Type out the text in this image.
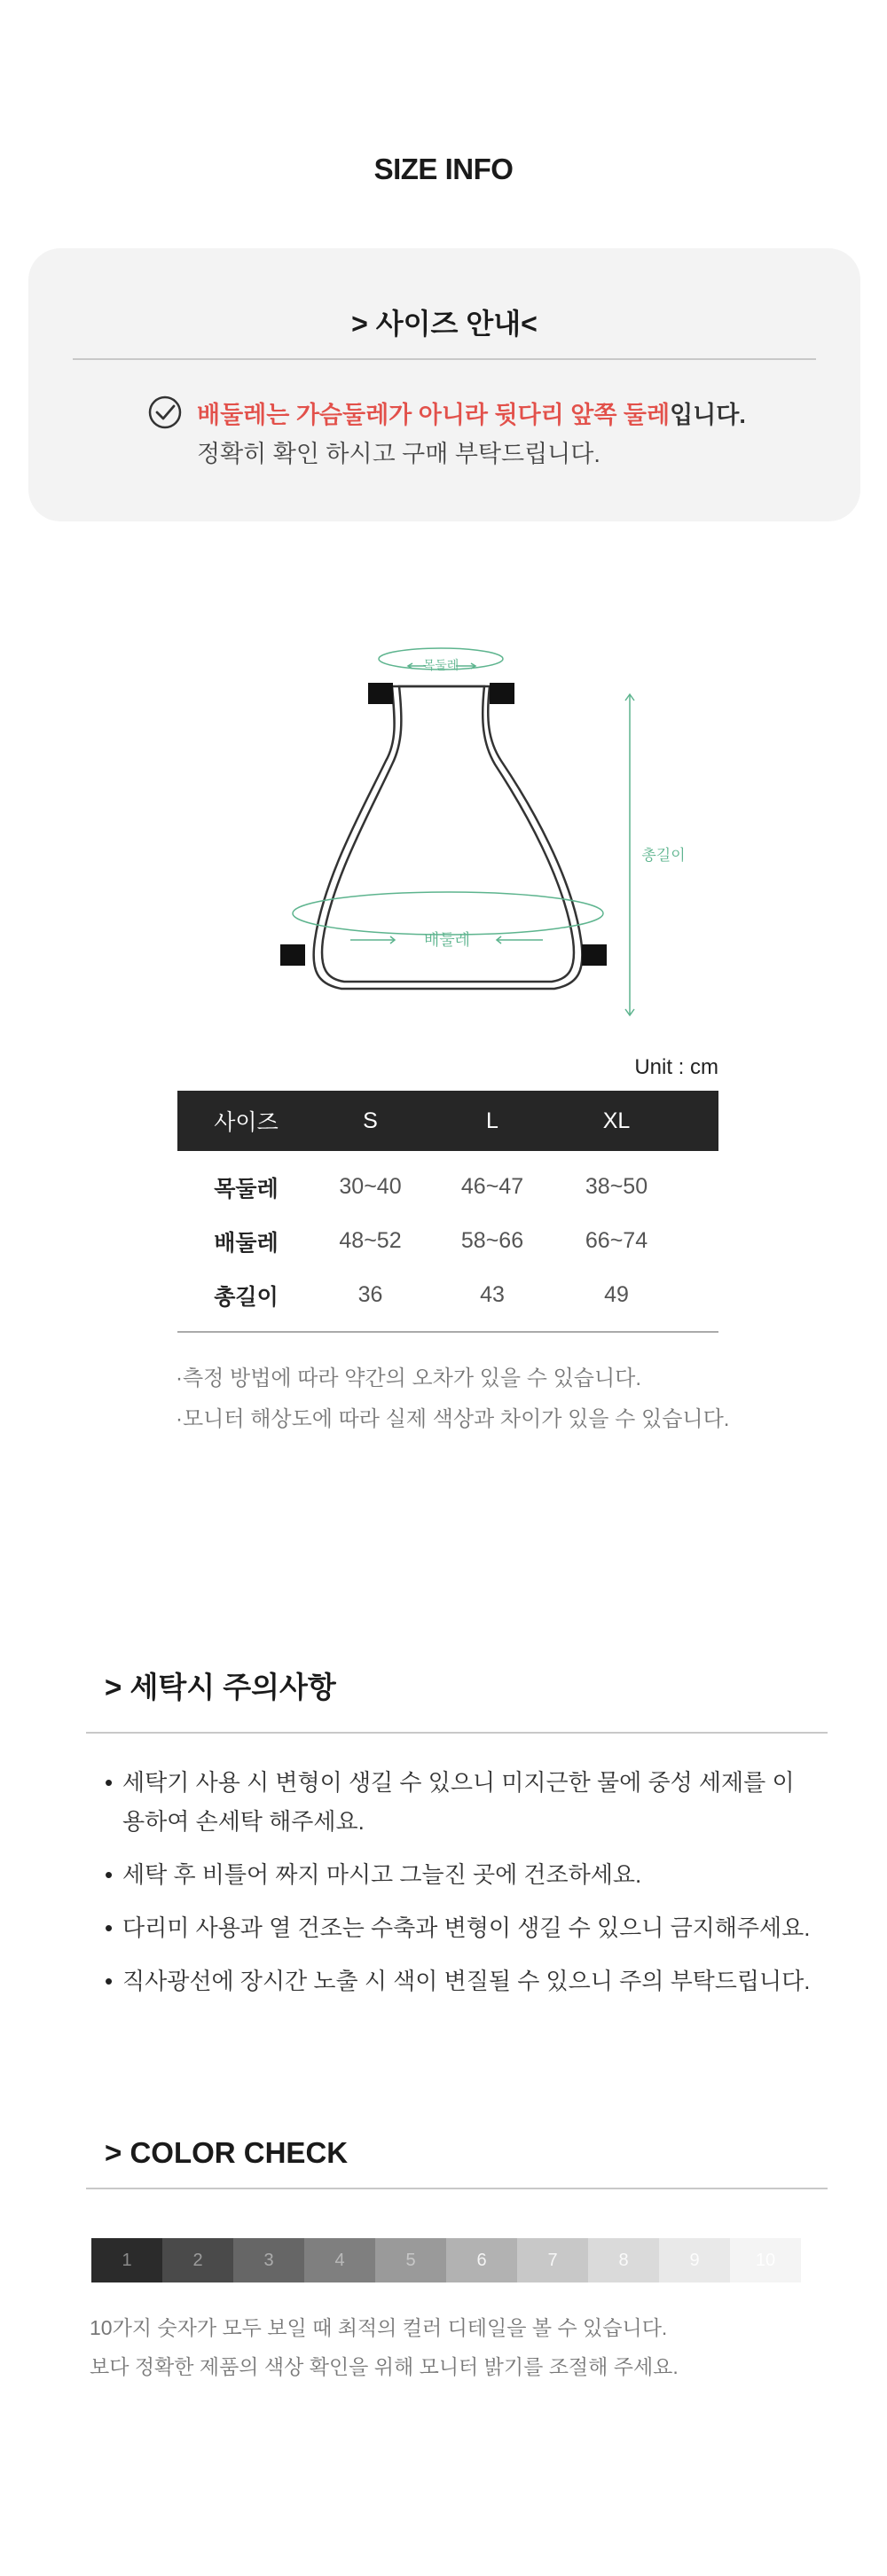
SIZE INFO
> 사이즈 안내<
배둘레는 가슴둘레가 아니라 뒷다리 앞쪽 둘레입니다.
정확히 확인 하시고 구매 부탁드립니다.
목둘레
총길이
배둘레
Unit : cm
사이즈	S	L	XL
목둘레	30~40	46~47	38~50
배둘레	48~52	58~66	66~74
총길이	36	43	49
·측정 방법에 따라 약간의 오차가 있을 수 있습니다.
·모니터 해상도에 따라 실제 색상과 차이가 있을 수 있습니다.
> 세탁시 주의사항
• 세탁기 사용 시 변형이 생길 수 있으니 미지근한 물에 중성 세제를 이용하여 손세탁 해주세요.
• 세탁 후 비틀어 짜지 마시고 그늘진 곳에 건조하세요.
• 다리미 사용과 열 건조는 수축과 변형이 생길 수 있으니 금지해주세요.
• 직사광선에 장시간 노출 시 색이 변질될 수 있으니 주의 부탁드립니다.
> COLOR CHECK
1	2	3	4	5	6	7	8	9	10
10가지 숫자가 모두 보일 때 최적의 컬러 디테일을 볼 수 있습니다.
보다 정확한 제품의 색상 확인을 위해 모니터 밝기를 조절해 주세요.
